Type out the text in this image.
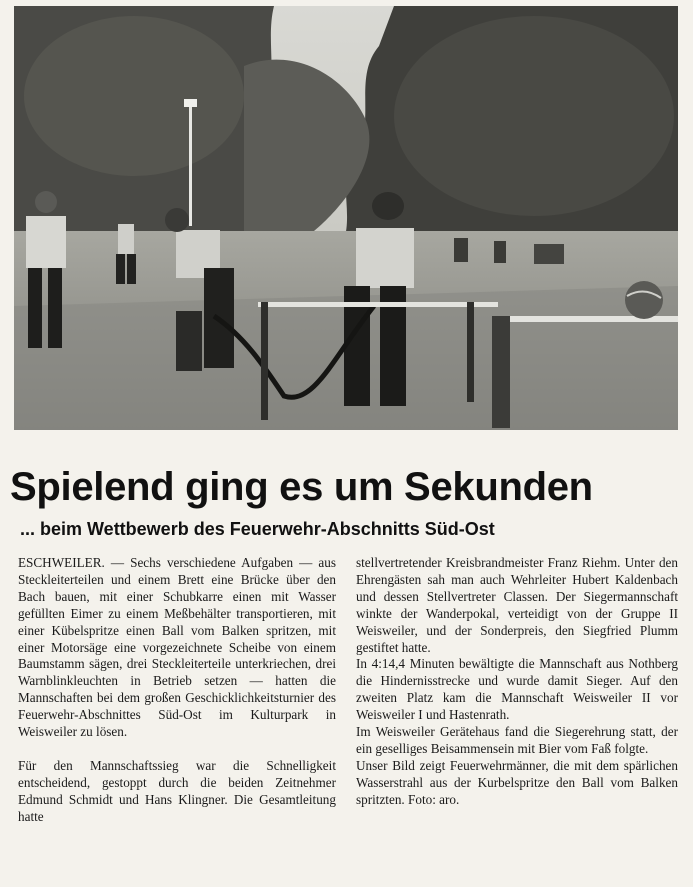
Spielend ging es um Sekunden
... beim Wettbewerb des Feuerwehr-Abschnitts Süd-Ost

ESCHWEILER. — Sechs verschiedene Aufgaben — aus Steckleiterteilen und einem Brett eine Brücke über den Bach bauen, mit einer Schubkarre einen mit Wasser gefüllten Eimer zu einem Meßbehälter transportieren, mit einer Kübelspritze einen Ball vom Balken spritzen, mit einer Motorsäge eine vorgezeichnete Scheibe von einem Baumstamm sägen, drei Steckleiterteile unterkriechen, drei Warnblinkleuchten in Betrieb setzen — hatten die Mannschaften bei dem großen Geschicklichkeitsturnier des Feuerwehr-Abschnittes Süd-Ost im Kulturpark in Weisweiler zu lösen.

Für den Mannschaftssieg war die Schnelligkeit entscheidend, gestoppt durch die beiden Zeitnehmer Edmund Schmidt und Hans Klingner. Die Gesamtleitung hatte

stellvertretender Kreisbrandmeister Franz Riehm. Unter den Ehrengästen sah man auch Wehrleiter Hubert Kaldenbach und dessen Stellvertreter Classen. Der Siegermannschaft winkte der Wanderpokal, verteidigt von der Gruppe II Weisweiler, und der Sonderpreis, den Siegfried Plumm gestiftet hatte.

In 4:14,4 Minuten bewältigte die Mannschaft aus Nothberg die Hindernisstrecke und wurde damit Sieger. Auf den zweiten Platz kam die Mannschaft Weisweiler II vor Weisweiler I und Hastenrath.

Im Weisweiler Gerätehaus fand die Siegerehrung statt, der ein geselliges Beisammensein mit Bier vom Faß folgte.

Unser Bild zeigt Feuerwehrmänner, die mit dem spärlichen Wasserstrahl aus der Kurbelspritze den Ball vom Balken spritzten. Foto: aro.
